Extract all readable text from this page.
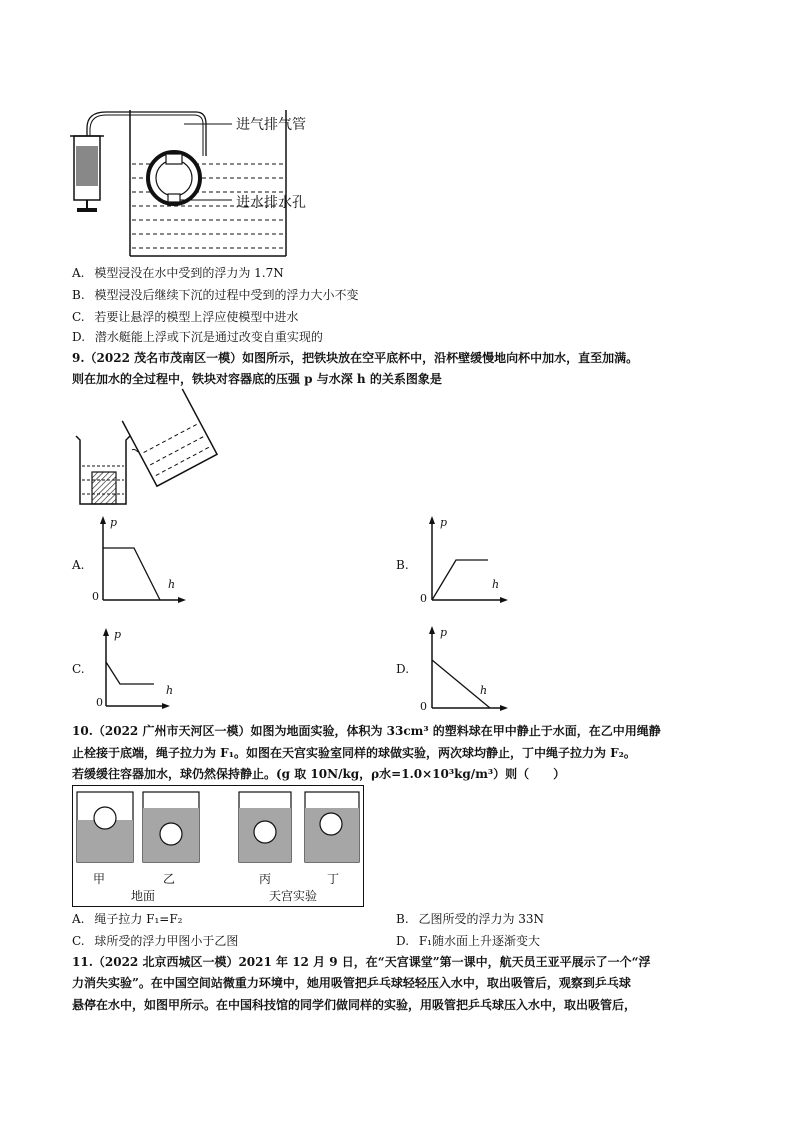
进气排气管
进水排水孔
A. 模型浸没在水中受到的浮力为 1.7N
B. 模型浸没后继续下沉的过程中受到的浮力大小不变
C. 若要让悬浮的模型上浮应使模型中进水
D. 潜水艇能上浮或下沉是通过改变自重实现的
9.（2022 茂名市茂南区一模）如图所示，把铁块放在空平底杯中，沿杯壁缓慢地向杯中加水，直至加满。
则在加水的全过程中，铁块对容器底的压强 p 与水深 h 的关系图象是
A.
p
h
0
B.
p
h
0
C.
p
h
0
D.
p
h
0
10.（2022 广州市天河区一模）如图为地面实验，体积为 33cm³ 的塑料球在甲中静止于水面，在乙中用绳静
止栓接于底端，绳子拉力为 F₁。如图在天宫实验室同样的球做实验，两次球均静止，丁中绳子拉力为 F₂。
若缓缓往容器加水，球仍然保持静止。(g 取 10N/kg，ρ水=1.0×10³kg/m³）则（　　）
甲	乙	丙	丁
地面	天宫实验
A. 绳子拉力 F₁=F₂	B. 乙图所受的浮力为 33N
C. 球所受的浮力甲图小于乙图	D. F₁随水面上升逐渐变大
11.（2022 北京西城区一模）2021 年 12 月 9 日，在“天宫课堂”第一课中，航天员王亚平展示了一个“浮
力消失实验”。在中国空间站微重力环境中，她用吸管把乒乓球轻轻压入水中，取出吸管后，观察到乒乓球
悬停在水中，如图甲所示。在中国科技馆的同学们做同样的实验，用吸管把乒乓球压入水中，取出吸管后，
